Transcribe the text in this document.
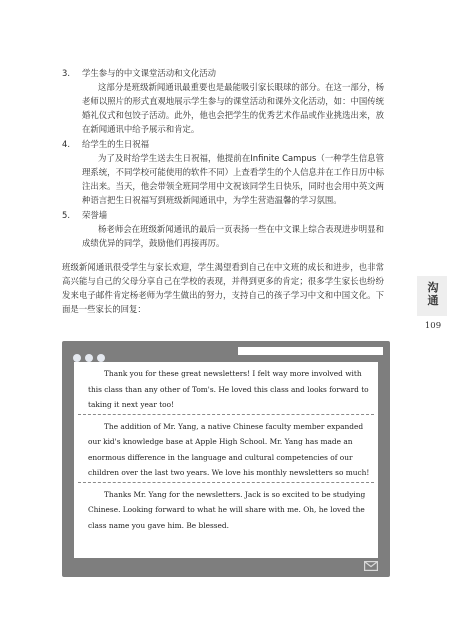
3.	学生参与的中文课堂活动和文化活动
这部分是班级新闻通讯最重要也是最能吸引家长眼球的部分。在这一部分，杨老师以照片的形式直观地展示学生参与的课堂活动和课外文化活动，如：中国传统婚礼仪式和包饺子活动。此外，他也会把学生的优秀艺术作品或作业挑选出来，放在新闻通讯中给予展示和肯定。
4.	给学生的生日祝福
为了及时给学生送去生日祝福，他提前在Infinite Campus（一种学生信息管理系统，不同学校可能使用的软件不同）上查看学生的个人信息并在工作日历中标注出来。当天，他会带领全班同学用中文祝该同学生日快乐，同时也会用中英文两种语言把生日祝福写到班级新闻通讯中，为学生营造温馨的学习氛围。
5.	荣誉墙
杨老师会在班级新闻通讯的最后一页表扬一些在中文课上综合表现进步明显和成绩优异的同学，鼓励他们再接再厉。

班级新闻通讯很受学生与家长欢迎，学生渴望看到自己在中文班的成长和进步，也非常高兴能与自己的父母分享自己在学校的表现，并得到更多的肯定；很多学生家长也纷纷发来电子邮件肯定杨老师为学生做出的努力，支持自己的孩子学习中文和中国文化。下面是一些家长的回复：

沟通
109

Thank you for these great newsletters! I felt way more involved with this class than any other of Tom's. He loved this class and looks forward to taking it next year too!

The addition of Mr. Yang, a native Chinese faculty member expanded our kid's knowledge base at Apple High School. Mr. Yang has made an enormous difference in the language and cultural competencies of our children over the last two years. We love his monthly newsletters so much!

Thanks Mr. Yang for the newsletters. Jack is so excited to be studying Chinese. Looking forward to what he will share with me. Oh, he loved the class name you gave him. Be blessed.
